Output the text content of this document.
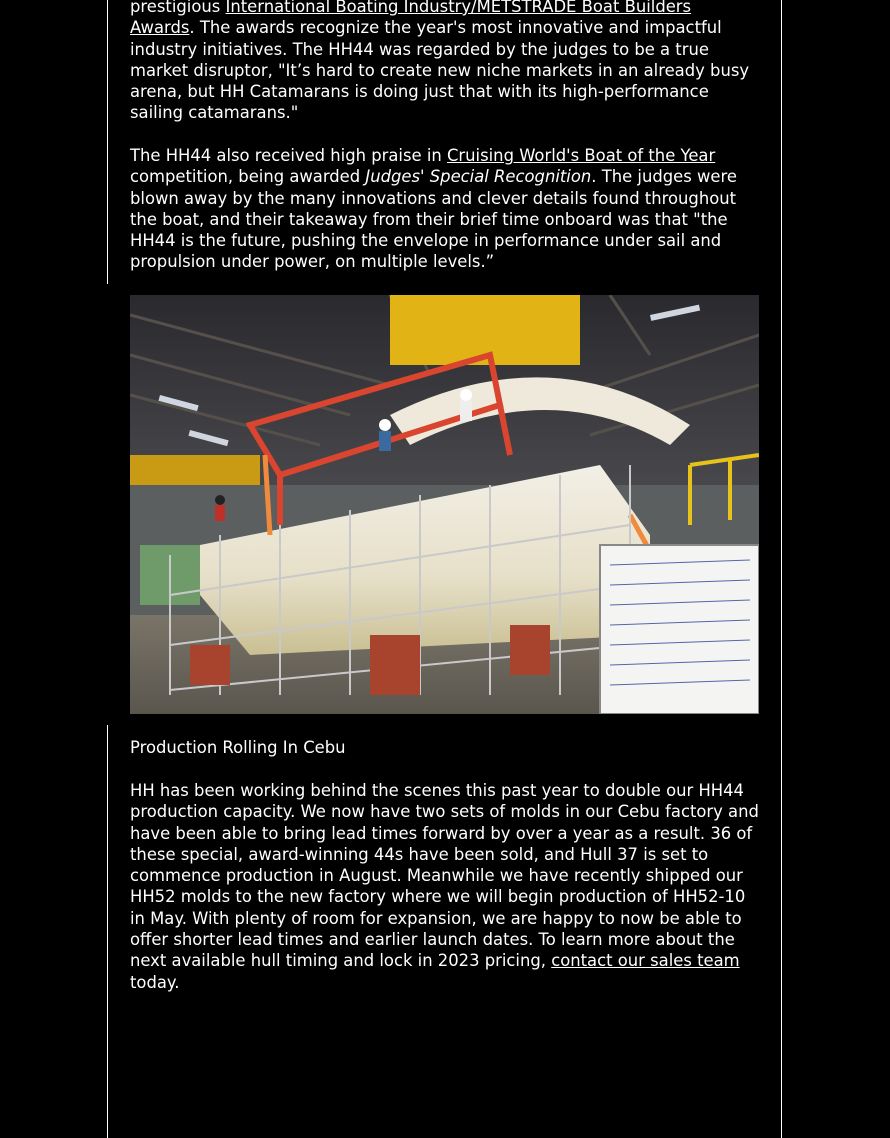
prestigious International Boating Industry/METSTRADE Boat Builders Awards. The awards recognize the year's most innovative and impactful industry initiatives. The HH44 was regarded by the judges to be a true market disruptor, "It’s hard to create new niche markets in an already busy arena, but HH Catamarans is doing just that with its high-performance sailing catamarans."

The HH44 also received high praise in Cruising World's Boat of the Year competition, being awarded Judges' Special Recognition. The judges were blown away by the many innovations and clever details found throughout the boat, and their takeaway from their brief time onboard was that "the HH44 is the future, pushing the envelope in performance under sail and propulsion under power, on multiple levels.”

Production Rolling In Cebu

HH has been working behind the scenes this past year to double our HH44 production capacity. We now have two sets of molds in our Cebu factory and have been able to bring lead times forward by over a year as a result. 36 of these special, award-winning 44s have been sold, and Hull 37 is set to commence production in August. Meanwhile we have recently shipped our HH52 molds to the new factory where we will begin production of HH52-10 in May. With plenty of room for expansion, we are happy to now be able to offer shorter lead times and earlier launch dates. To learn more about the next available hull timing and lock in 2023 pricing, contact our sales team today.
